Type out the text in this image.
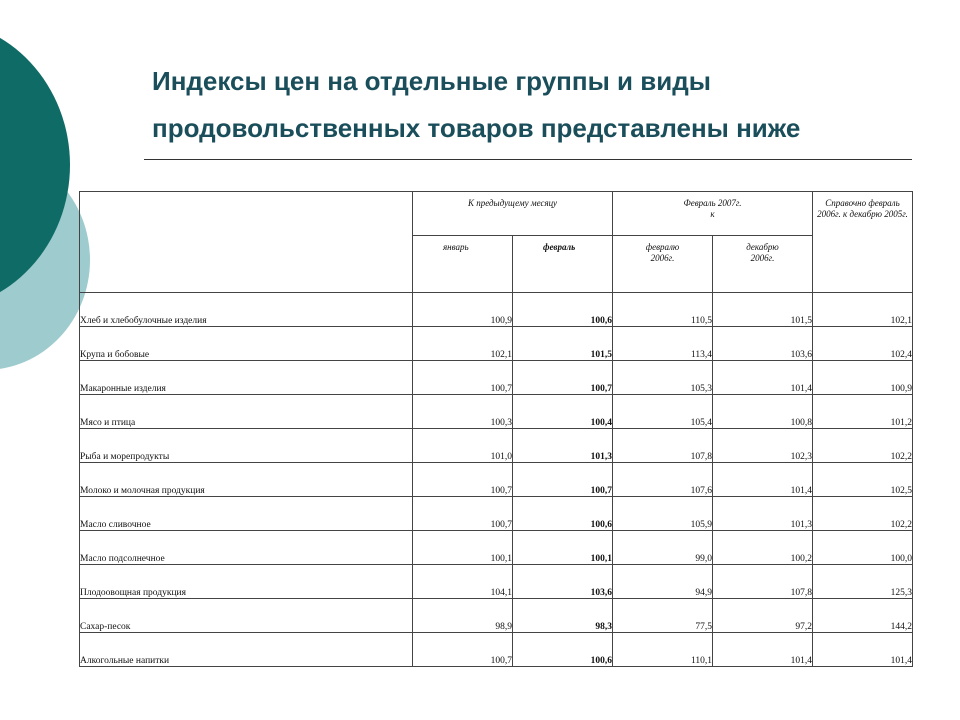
Индексы цен на отдельные группы и виды
продовольственных товаров представлены ниже

	К предыдущему месяцу		Февраль 2007г. к		Справочно февраль 2006г. к декабрю 2005г.

	январь	февраль	февралю 2006г.	декабрю 2006г.	

Хлеб и хлебобулочные изделия	100,9	100,6	110,5	101,5	102,1
Крупа и бобовые	102,1	101,5	113,4	103,6	102,4
Макаронные изделия	100,7	100,7	105,3	101,4	100,9
Мясо и птица	100,3	100,4	105,4	100,8	101,2
Рыба и морепродукты	101,0	101,3	107,8	102,3	102,2
Молоко и молочная продукция	100,7	100,7	107,6	101,4	102,5
Масло сливочное	100,7	100,6	105,9	101,3	102,2
Масло подсолнечное	100,1	100,1	99,0	100,2	100,0
Плодоовощная продукция	104,1	103,6	94,9	107,8	125,3
Сахар-песок	98,9	98,3	77,5	97,2	144,2
Алкогольные напитки	100,7	100,6	110,1	101,4	101,4
